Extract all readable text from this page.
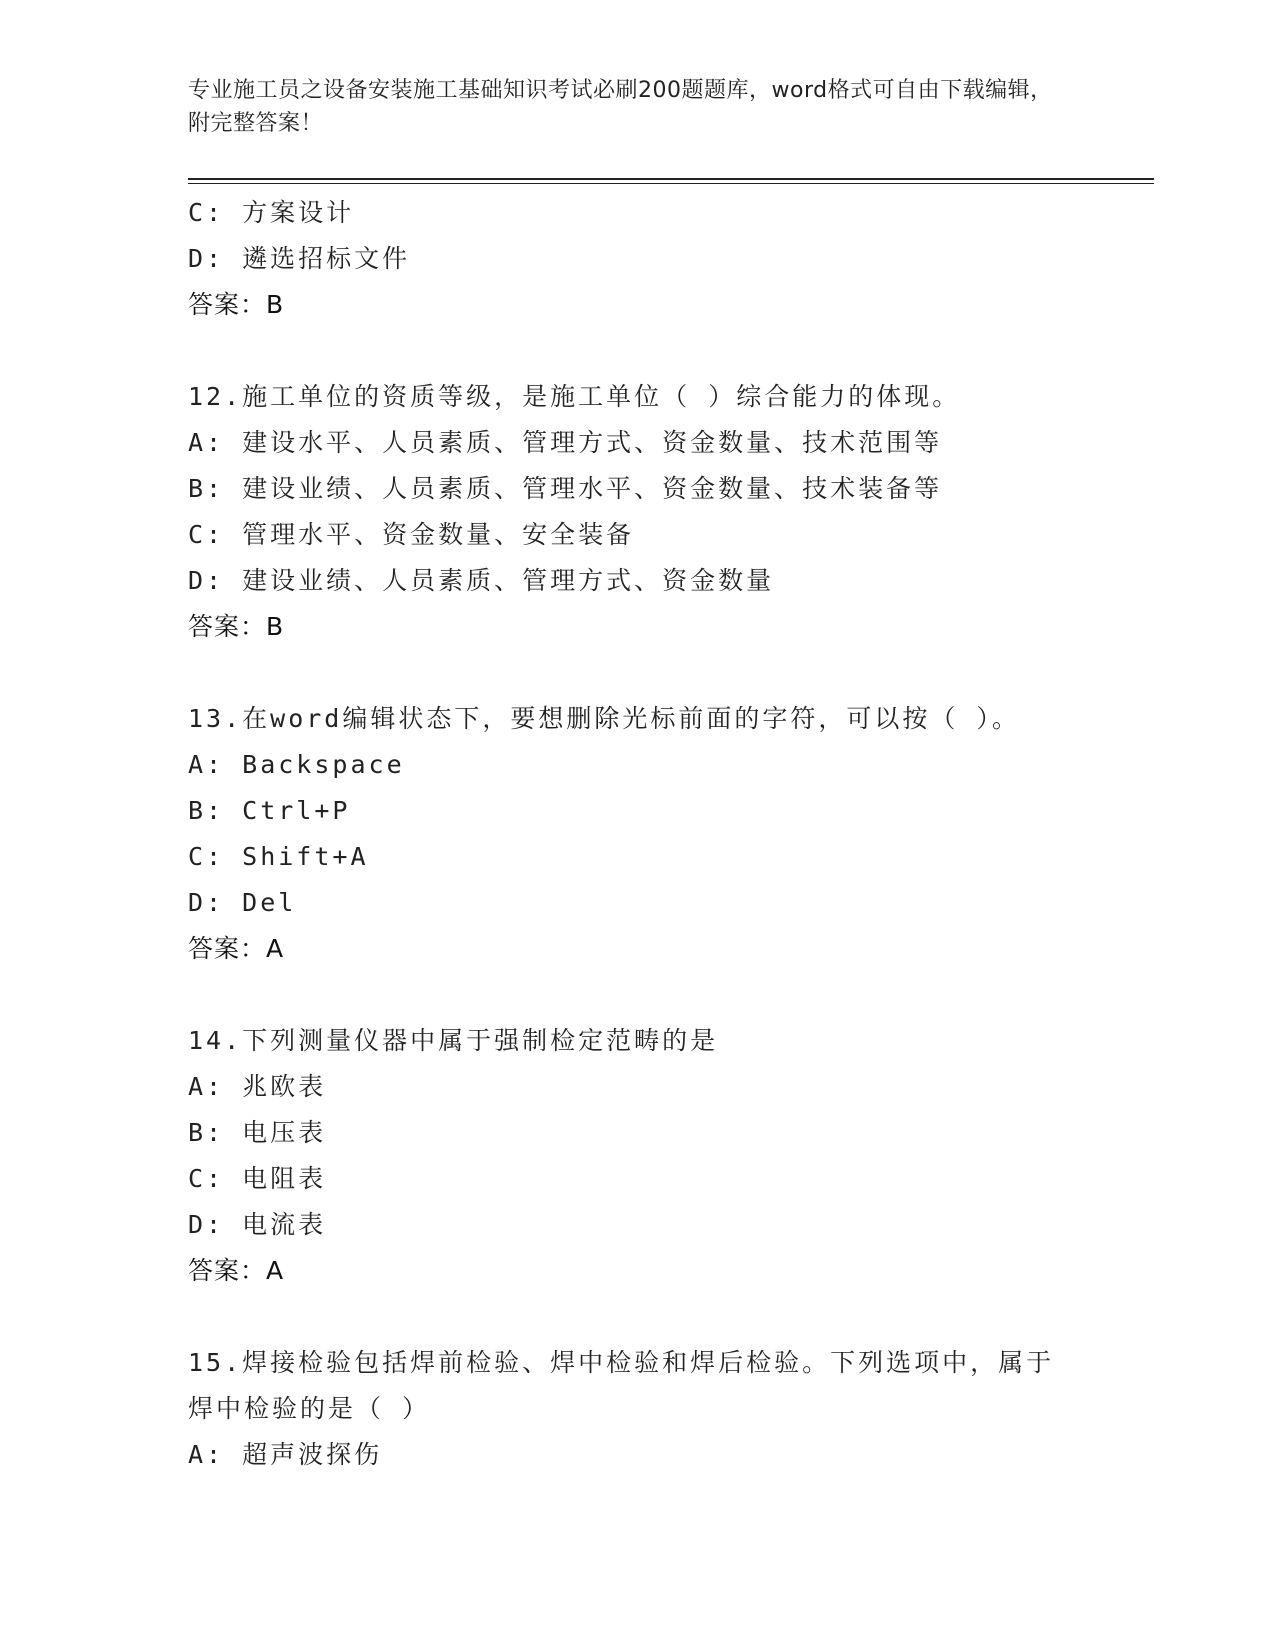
专业施工员之设备安装施工基础知识考试必刷200题题库，word格式可自由下载编辑，附完整答案！
C: 方案设计
D: 遴选招标文件
答案：B
12.施工单位的资质等级，是施工单位（ ）综合能力的体现。
A: 建设水平、人员素质、管理方式、资金数量、技术范围等
B: 建设业绩、人员素质、管理水平、资金数量、技术装备等
C: 管理水平、资金数量、安全装备
D: 建设业绩、人员素质、管理方式、资金数量
答案：B
13.在word编辑状态下，要想删除光标前面的字符，可以按（ ）。
A: Backspace
B: Ctrl+P
C: Shift+A
D: Del
答案：A
14.下列测量仪器中属于强制检定范畴的是
A: 兆欧表
B: 电压表
C: 电阻表
D: 电流表
答案：A
15.焊接检验包括焊前检验、焊中检验和焊后检验。下列选项中，属于
焊中检验的是（ ）
A: 超声波探伤
